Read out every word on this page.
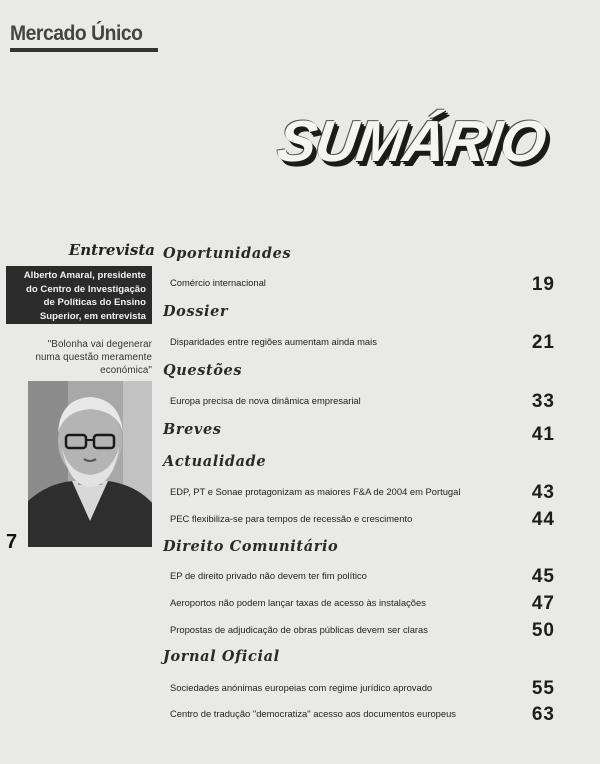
Mercado Único
SUMÁRIO
Entrevista
Alberto Amaral, presidente
do Centro de Investigação
de Políticas do Ensino
Superior, em entrevista
"Bolonha vai degenerar
numa questão meramente
económica"
7
Oportunidades
Comércio internacional	19
Dossier
Disparidades entre regiões aumentam ainda mais	21
Questões
Europa precisa de nova dinâmica empresarial	33
Breves	41
Actualidade
EDP, PT e Sonae protagonizam as maiores F&A de 2004 em Portugal	43
PEC flexibiliza-se para tempos de recessão e crescimento	44
Direito Comunitário
EP de direito privado não devem ter fim político	45
Aeroportos não podem lançar taxas de acesso às instalações	47
Propostas de adjudicação de obras públicas devem ser claras	50
Jornal Oficial
Sociedades anónimas europeias com regime jurídico aprovado	55
Centro de tradução "democratiza" acesso aos documentos europeus	63
